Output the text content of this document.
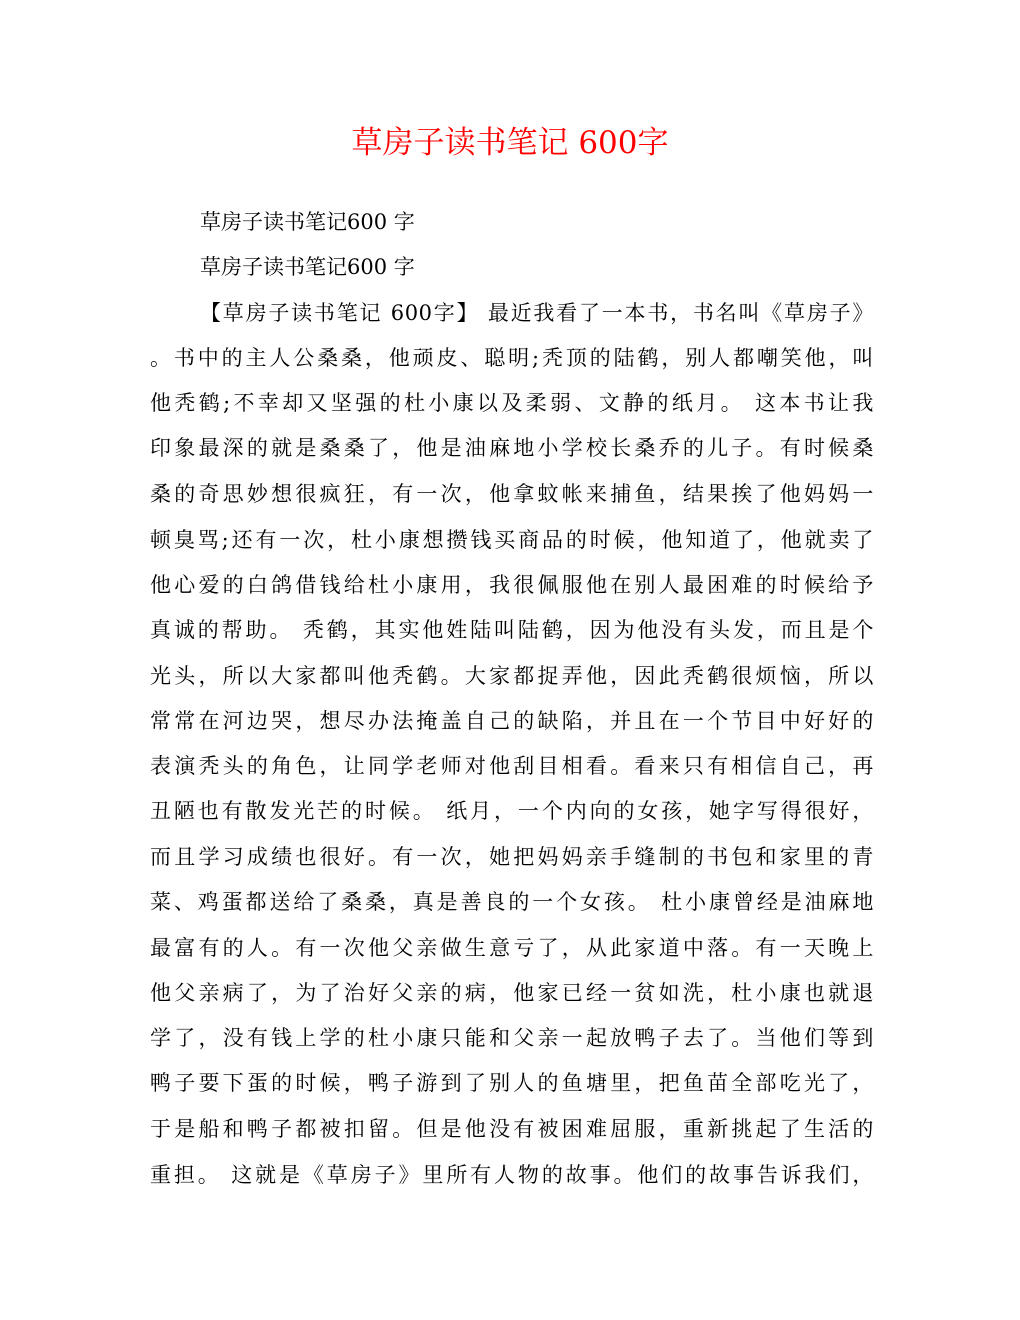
草房子读书笔记 600字
草房子读书笔记600 字
草房子读书笔记600 字
【草房子读书笔记 600字】 最近我看了一本书，书名叫《草房子》
。书中的主人公桑桑，他顽皮、聪明;秃顶的陆鹤，别人都嘲笑他，叫
他秃鹤;不幸却又坚强的杜小康以及柔弱、文静的纸月。 这本书让我
印象最深的就是桑桑了，他是油麻地小学校长桑乔的儿子。有时候桑
桑的奇思妙想很疯狂，有一次，他拿蚊帐来捕鱼，结果挨了他妈妈一
顿臭骂;还有一次，杜小康想攒钱买商品的时候，他知道了，他就卖了
他心爱的白鸽借钱给杜小康用，我很佩服他在别人最困难的时候给予
真诚的帮助。 秃鹤，其实他姓陆叫陆鹤，因为他没有头发，而且是个
光头，所以大家都叫他秃鹤。大家都捉弄他，因此秃鹤很烦恼，所以
常常在河边哭，想尽办法掩盖自己的缺陷，并且在一个节目中好好的
表演秃头的角色，让同学老师对他刮目相看。看来只有相信自己，再
丑陋也有散发光芒的时候。 纸月，一个内向的女孩，她字写得很好，
而且学习成绩也很好。有一次，她把妈妈亲手缝制的书包和家里的青
菜、鸡蛋都送给了桑桑，真是善良的一个女孩。 杜小康曾经是油麻地
最富有的人。有一次他父亲做生意亏了，从此家道中落。有一天晚上
他父亲病了，为了治好父亲的病，他家已经一贫如洗，杜小康也就退
学了，没有钱上学的杜小康只能和父亲一起放鸭子去了。当他们等到
鸭子要下蛋的时候，鸭子游到了别人的鱼塘里，把鱼苗全部吃光了，
于是船和鸭子都被扣留。但是他没有被困难屈服，重新挑起了生活的
重担。 这就是《草房子》里所有人物的故事。他们的故事告诉我们，
